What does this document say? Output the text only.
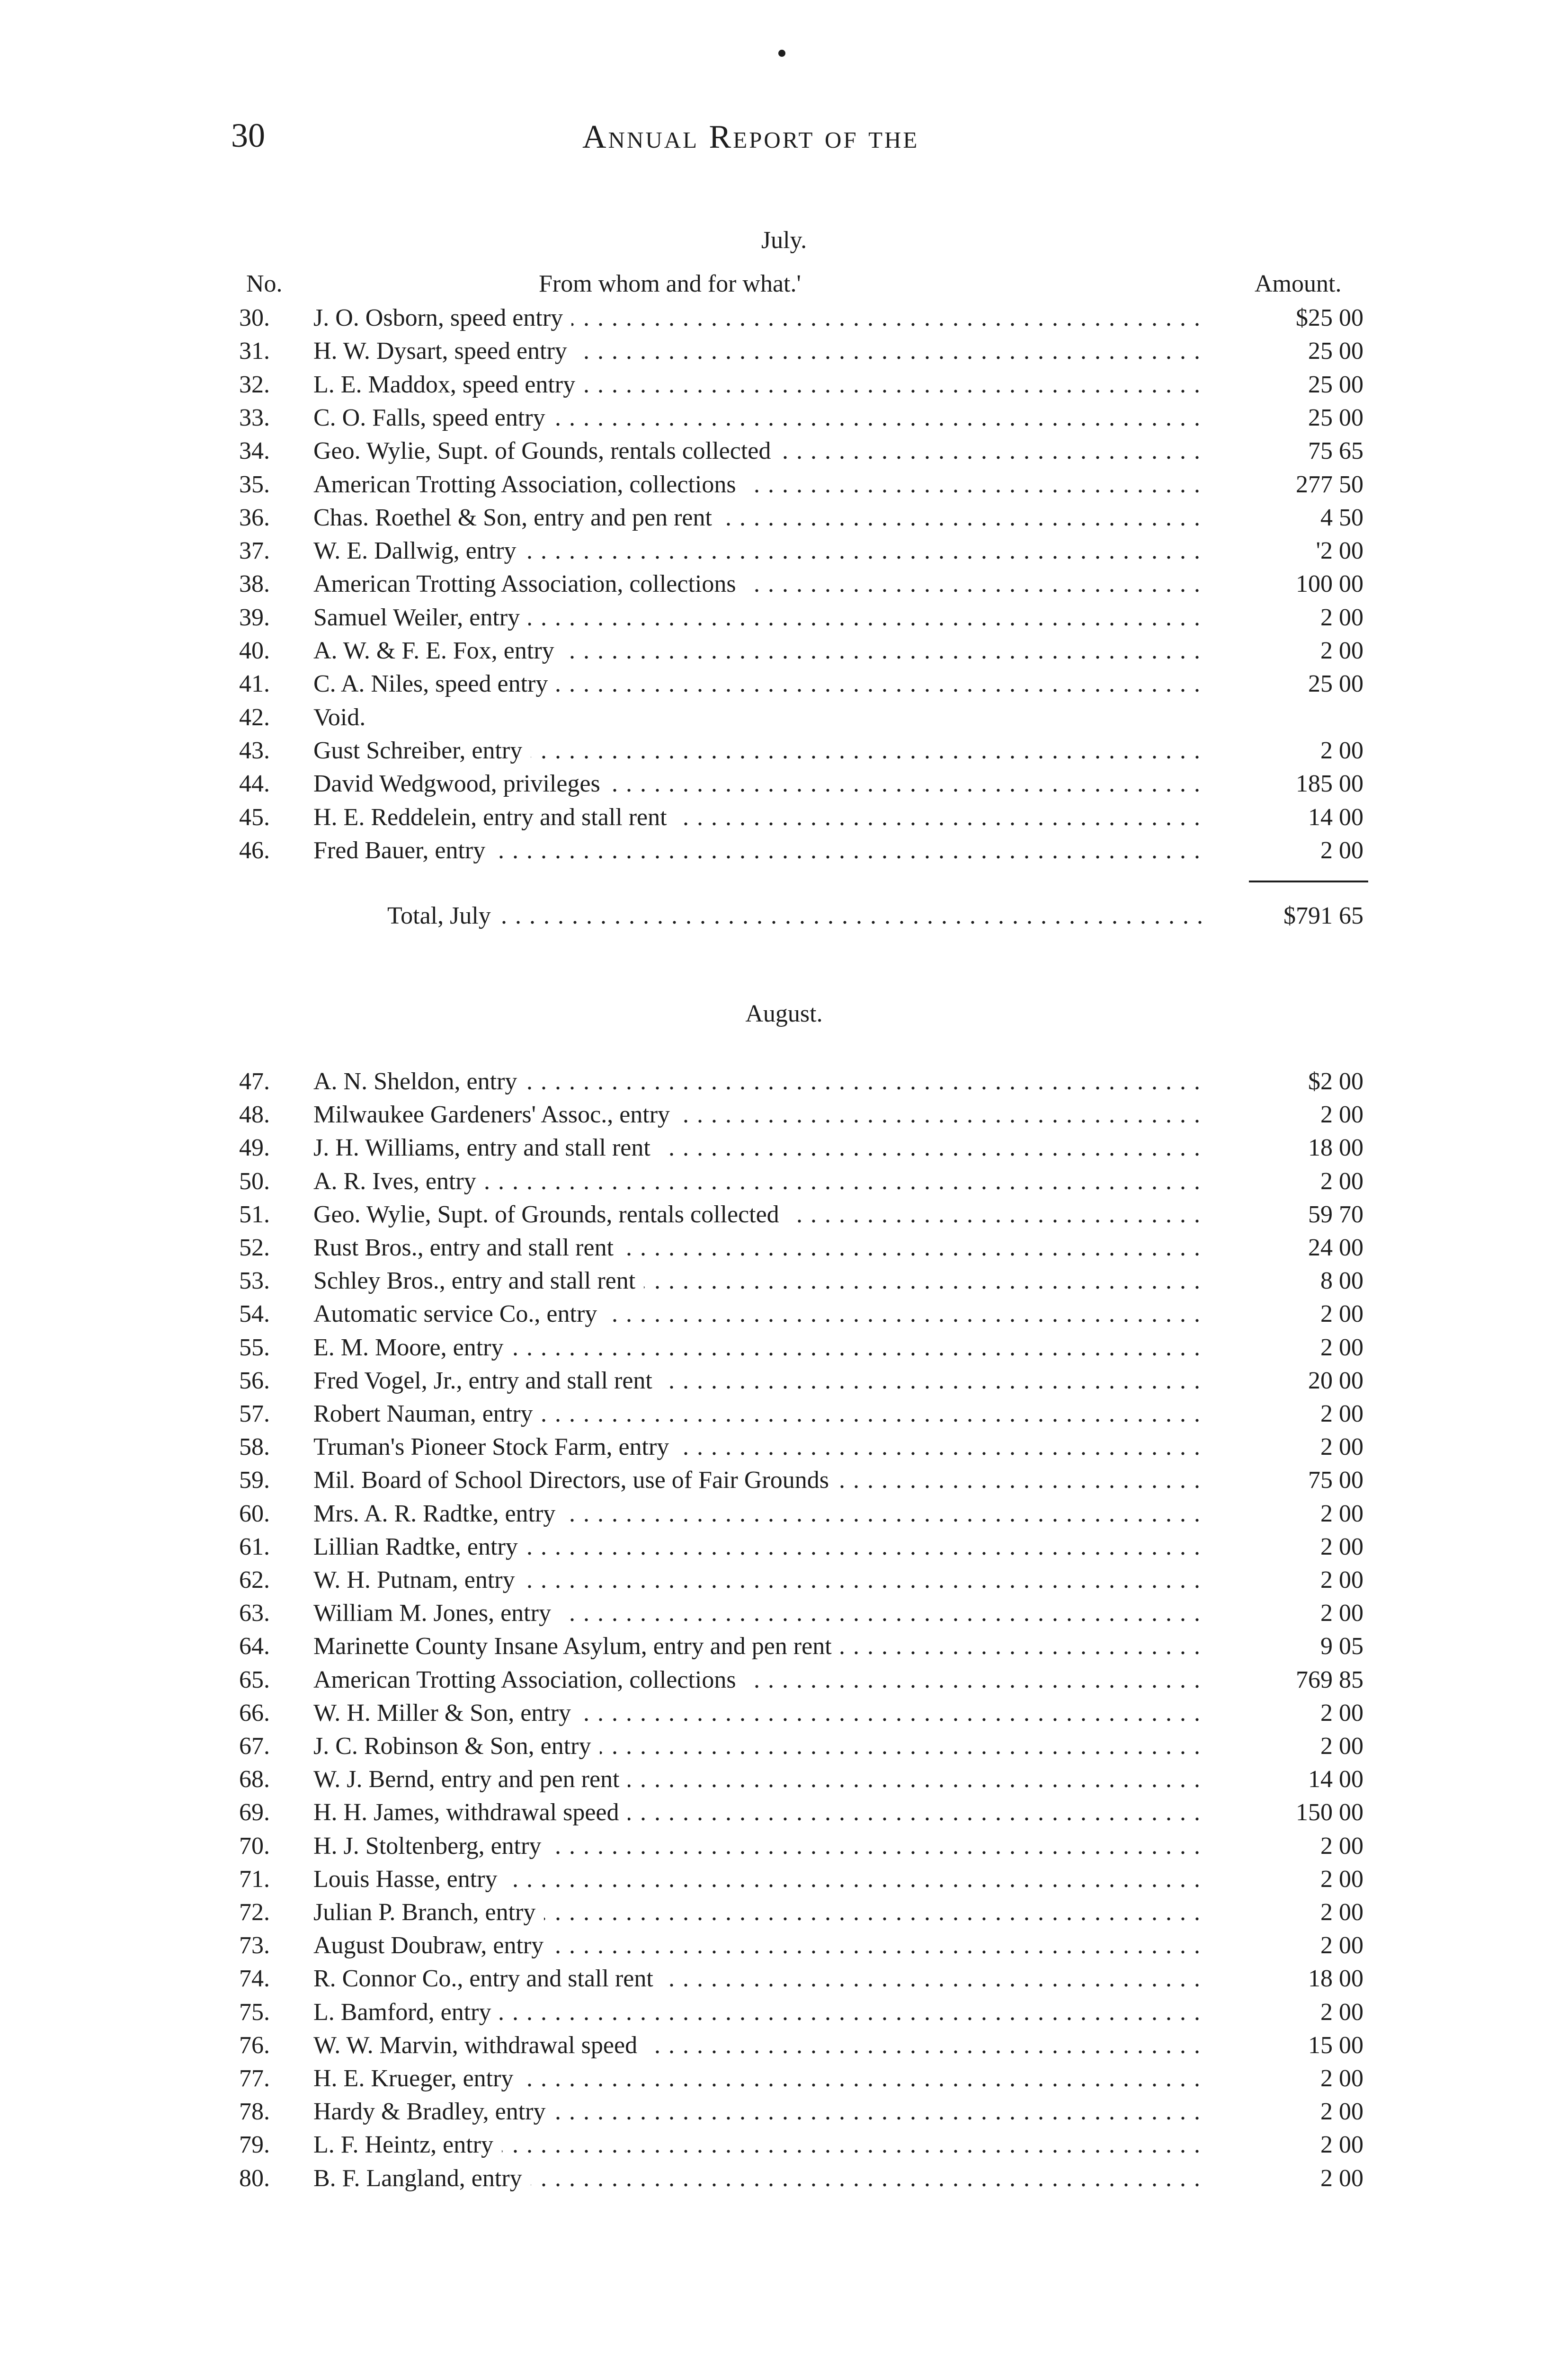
30	Annual Report of the
July.
No.	From whom and for what.'	Amount.
30.	J. O. Osborn, speed entry . . .	$25 00
31.	H. W. Dysart, speed entry . . .	25 00
32.	L. E. Maddox, speed entry . . .	25 00
33.	C. O. Falls, speed entry . . .	25 00
34.	Geo. Wylie, Supt. of Gounds, rentals collected . . .	75 65
35.	American Trotting Association, collections . . .	277 50
36.	Chas. Roethel & Son, entry and pen rent . . .	4 50
37.	W. E. Dallwig, entry . . .	'2 00
38.	American Trotting Association, collections . . .	100 00
39.	Samuel Weiler, entry . . .	2 00
40.	A. W. & F. E. Fox, entry . . .	2 00
41.	C. A. Niles, speed entry . . .	25 00
42.	Void.
43.	Gust Schreiber, entry . . .	2 00
44.	David Wedgwood, privileges . . .	185 00
45.	H. E. Reddelein, entry and stall rent . . .	14 00
46.	Fred Bauer, entry . . .	2 00
Total, July . . .	$791 65
August.
47.	A. N. Sheldon, entry . . .	$2 00
48.	Milwaukee Gardeners' Assoc., entry . . .	2 00
49.	J. H. Williams, entry and stall rent . . .	18 00
50.	A. R. Ives, entry . . .	2 00
51.	Geo. Wylie, Supt. of Grounds, rentals collected . . .	59 70
52.	Rust Bros., entry and stall rent . . .	24 00
53.	Schley Bros., entry and stall rent . . .	8 00
54.	Automatic service Co., entry . . .	2 00
55.	E. M. Moore, entry . . .	2 00
56.	Fred Vogel, Jr., entry and stall rent . . .	20 00
57.	Robert Nauman, entry . . .	2 00
58.	Truman's Pioneer Stock Farm, entry . . .	2 00
59.	Mil. Board of School Directors, use of Fair Grounds . . .	75 00
60.	Mrs. A. R. Radtke, entry . . .	2 00
61.	Lillian Radtke, entry . . .	2 00
62.	W. H. Putnam, entry . . .	2 00
63.	William M. Jones, entry . . .	2 00
64.	Marinette County Insane Asylum, entry and pen rent . . .	9 05
65.	American Trotting Association, collections . . .	769 85
66.	W. H. Miller & Son, entry . . .	2 00
67.	J. C. Robinson & Son, entry . . .	2 00
68.	W. J. Bernd, entry and pen rent . . .	14 00
69.	H. H. James, withdrawal speed . . .	150 00
70.	H. J. Stoltenberg, entry . . .	2 00
71.	Louis Hasse, entry . . .	2 00
72.	Julian P. Branch, entry . . .	2 00
73.	August Doubraw, entry . . .	2 00
74.	R. Connor Co., entry and stall rent . . .	18 00
75.	L. Bamford, entry . . .	2 00
76.	W. W. Marvin, withdrawal speed . . .	15 00
77.	H. E. Krueger, entry . . .	2 00
78.	Hardy & Bradley, entry . . .	2 00
79.	L. F. Heintz, entry . . .	2 00
80.	B. F. Langland, entry . . .	2 00
